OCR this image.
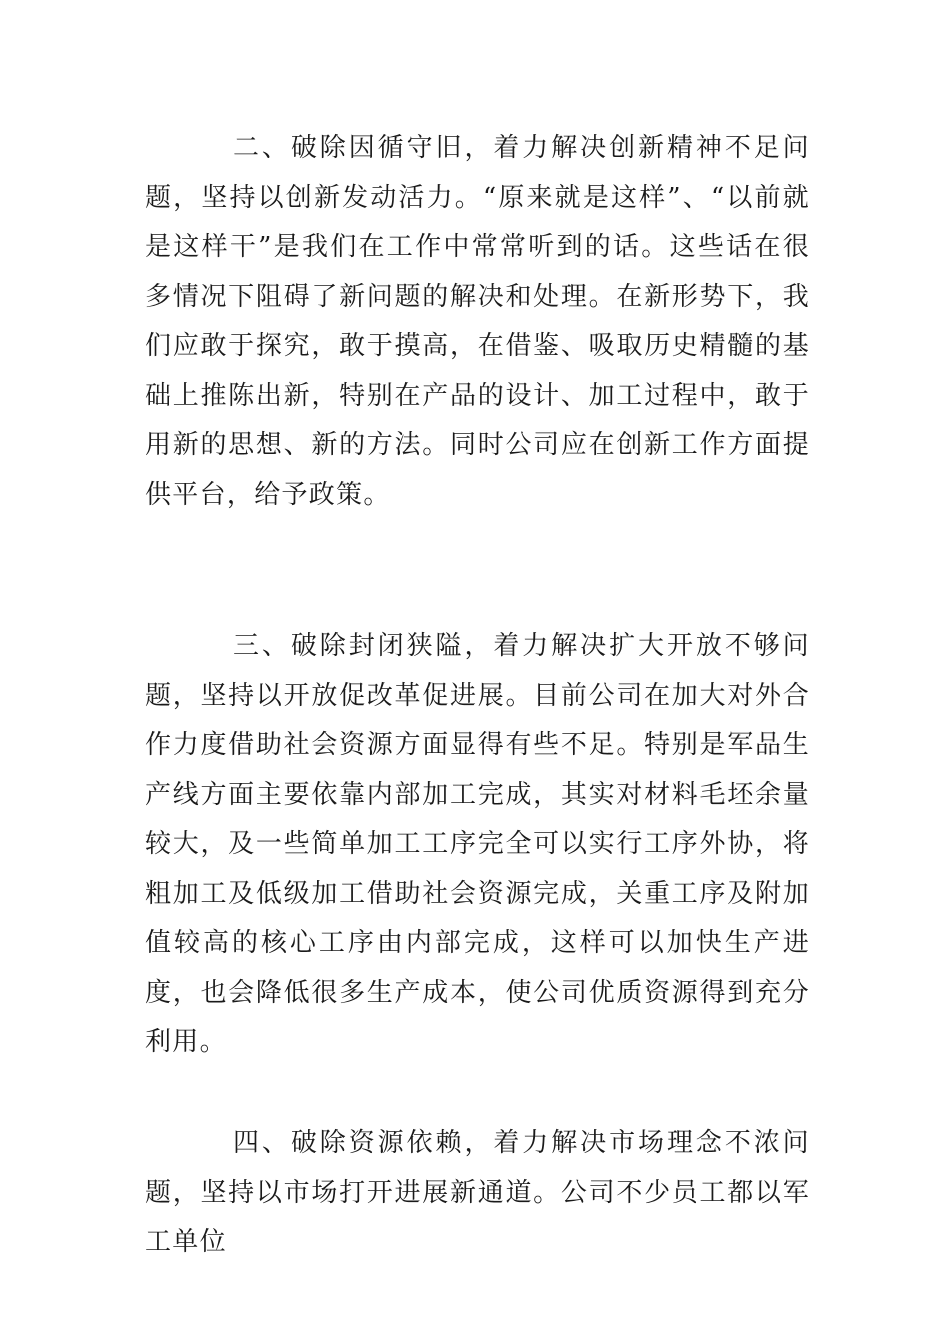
二、破除因循守旧，着力解决创新精神不足问题，坚持以创新发动活力。“原来就是这样”、“以前就是这样干”是我们在工作中常常听到的话。这些话在很多情况下阻碍了新问题的解决和处理。在新形势下，我们应敢于探究，敢于摸高，在借鉴、吸取历史精髓的基础上推陈出新，特别在产品的设计、加工过程中，敢于用新的思想、新的方法。同时公司应在创新工作方面提供平台，给予政策。

三、破除封闭狭隘，着力解决扩大开放不够问题，坚持以开放促改革促进展。目前公司在加大对外合作力度借助社会资源方面显得有些不足。特别是军品生产线方面主要依靠内部加工完成，其实对材料毛坯余量较大，及一些简单加工工序完全可以实行工序外协，将粗加工及低级加工借助社会资源完成，关重工序及附加值较高的核心工序由内部完成，这样可以加快生产进度，也会降低很多生产成本，使公司优质资源得到充分利用。

四、破除资源依赖，着力解决市场理念不浓问题，坚持以市场打开进展新通道。公司不少员工都以军工单位
